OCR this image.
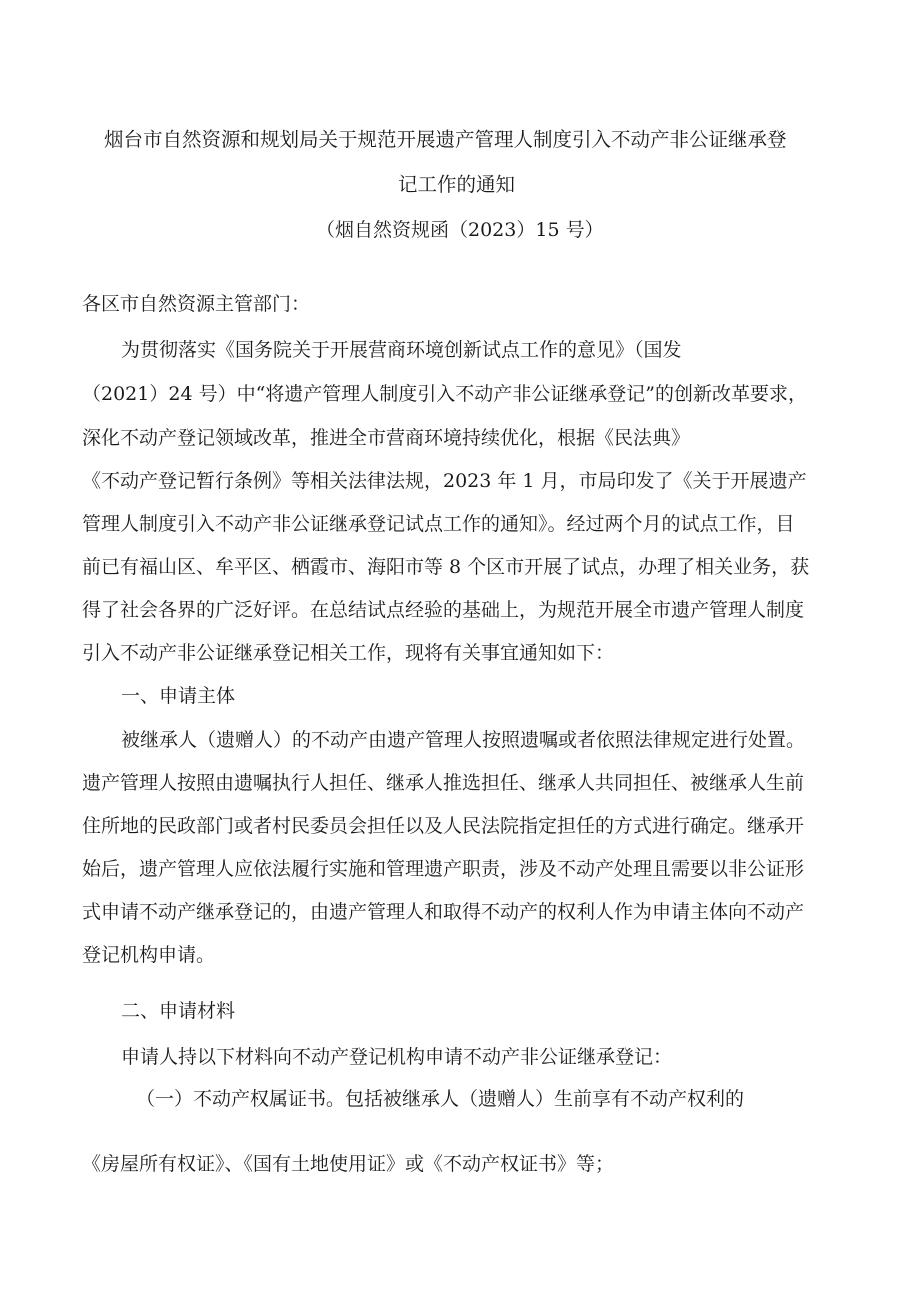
烟台市自然资源和规划局关于规范开展遗产管理人制度引入不动产非公证继承登
记工作的通知
（烟自然资规函（2023）15 号）
各区市自然资源主管部门：
为贯彻落实《国务院关于开展营商环境创新试点工作的意见》（国发
（2021）24 号）中“将遗产管理人制度引入不动产非公证继承登记”的创新改革要求，
深化不动产登记领域改革，推进全市营商环境持续优化，根据《民法典》
《不动产登记暂行条例》等相关法律法规，2023 年 1 月，市局印发了《关于开展遗产
管理人制度引入不动产非公证继承登记试点工作的通知》。经过两个月的试点工作，目
前已有福山区、牟平区、栖霞市、海阳市等 8 个区市开展了试点，办理了相关业务，获
得了社会各界的广泛好评。在总结试点经验的基础上，为规范开展全市遗产管理人制度
引入不动产非公证继承登记相关工作，现将有关事宜通知如下：
一、申请主体
被继承人（遗赠人）的不动产由遗产管理人按照遗嘱或者依照法律规定进行处置。
遗产管理人按照由遗嘱执行人担任、继承人推选担任、继承人共同担任、被继承人生前
住所地的民政部门或者村民委员会担任以及人民法院指定担任的方式进行确定。继承开
始后，遗产管理人应依法履行实施和管理遗产职责，涉及不动产处理且需要以非公证形
式申请不动产继承登记的，由遗产管理人和取得不动产的权利人作为申请主体向不动产
登记机构申请。
二、申请材料
申请人持以下材料向不动产登记机构申请不动产非公证继承登记：
（一）不动产权属证书。包括被继承人（遗赠人）生前享有不动产权利的
《房屋所有权证》、《国有土地使用证》或《不动产权证书》等；
